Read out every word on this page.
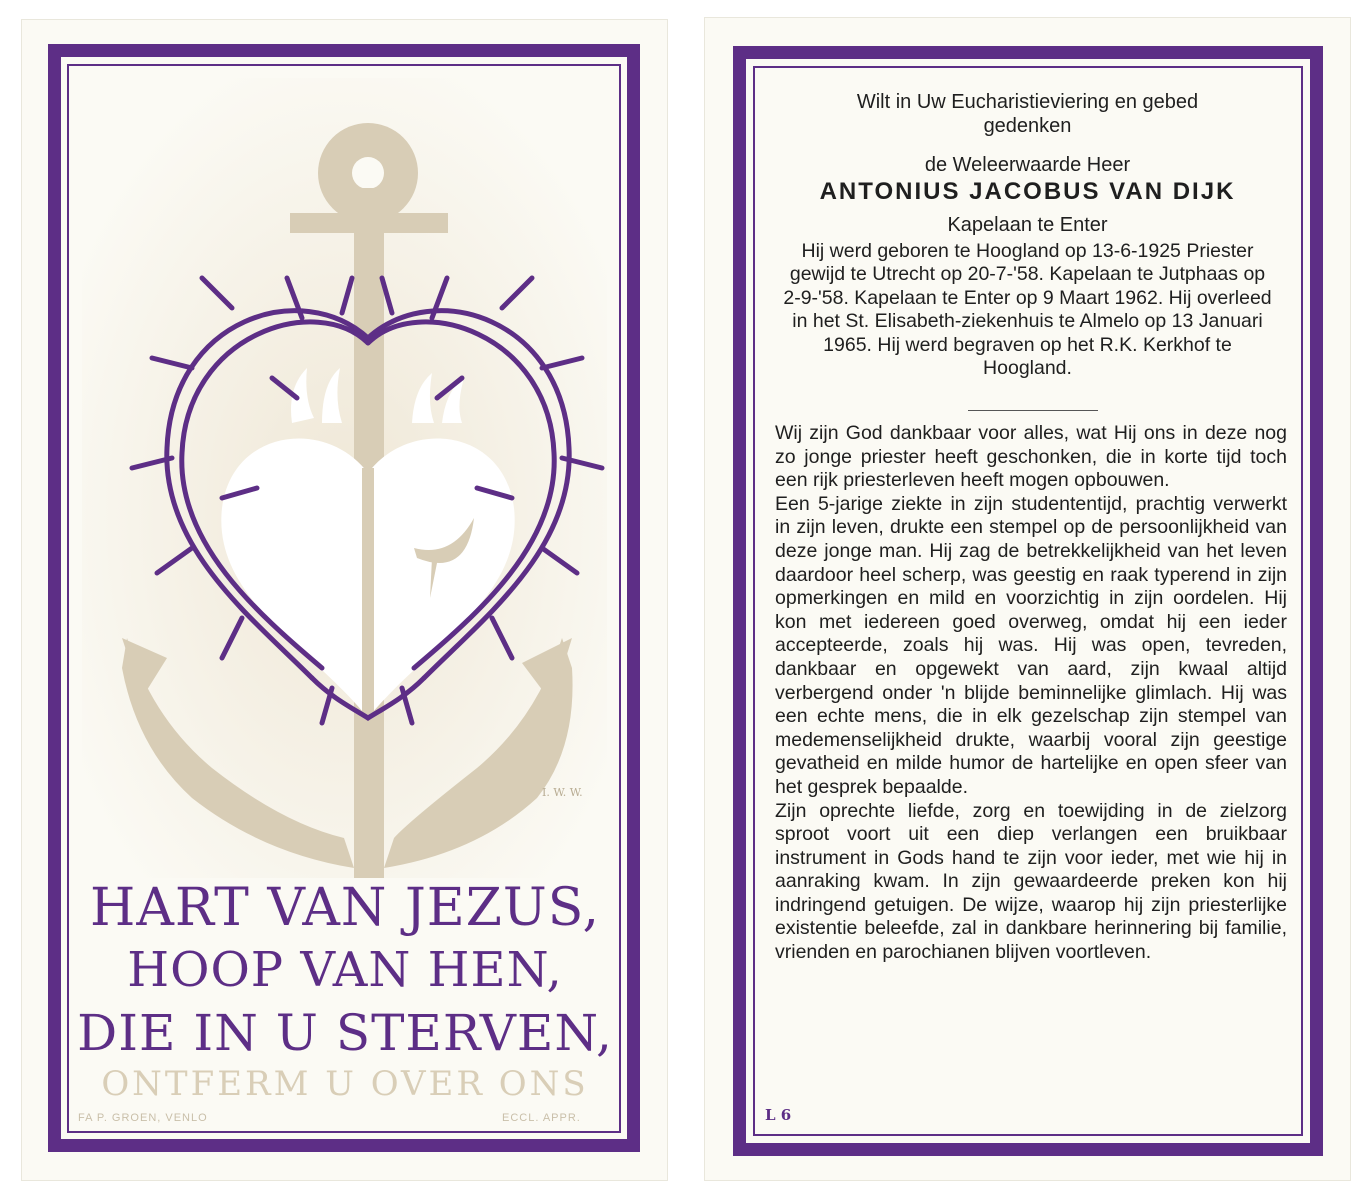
I. W. W.
HART VAN JEZUS,
HOOP VAN HEN,
DIE IN U STERVEN,
ONTFERM U OVER ONS
FA P. GROEN, VENLO	ECCL. APPR.
Wilt in Uw Eucharistieviering en gebed gedenken
de Weleerwaarde Heer
ANTONIUS JACOBUS VAN DIJK
Kapelaan te Enter
Hij werd geboren te Hoogland op 13-6-1925 Priester gewijd te Utrecht op 20-7-'58. Kapelaan te Jutphaas op 2-9-'58. Kapelaan te Enter op 9 Maart 1962. Hij overleed in het St. Elisabeth-ziekenhuis te Almelo op 13 Januari 1965. Hij werd begraven op het R.K. Kerkhof te Hoogland.

Wij zijn God dankbaar voor alles, wat Hij ons in deze nog zo jonge priester heeft geschonken, die in korte tijd toch een rijk priesterleven heeft mogen opbouwen.

Een 5-jarige ziekte in zijn studententijd, prachtig verwerkt in zijn leven, drukte een stempel op de persoonlijkheid van deze jonge man. Hij zag de betrekkelijkheid van het leven daardoor heel scherp, was geestig en raak typerend in zijn opmerkingen en mild en voorzichtig in zijn oordelen. Hij kon met iedereen goed overweg, omdat hij een ieder accepteerde, zoals hij was. Hij was open, tevreden, dankbaar en opgewekt van aard, zijn kwaal altijd verbergend onder 'n blijde beminnelijke glimlach. Hij was een echte mens, die in elk gezelschap zijn stempel van medemenselijkheid drukte, waarbij vooral zijn geestige gevatheid en milde humor de hartelijke en open sfeer van het gesprek bepaalde.

Zijn oprechte liefde, zorg en toewijding in de zielzorg sproot voort uit een diep verlangen een bruikbaar instrument in Gods hand te zijn voor ieder, met wie hij in aanraking kwam. In zijn gewaardeerde preken kon hij indringend getuigen. De wijze, waarop hij zijn priesterlijke existentie beleefde, zal in dankbare herinnering bij familie, vrienden en parochianen blijven voortleven.

L 6
